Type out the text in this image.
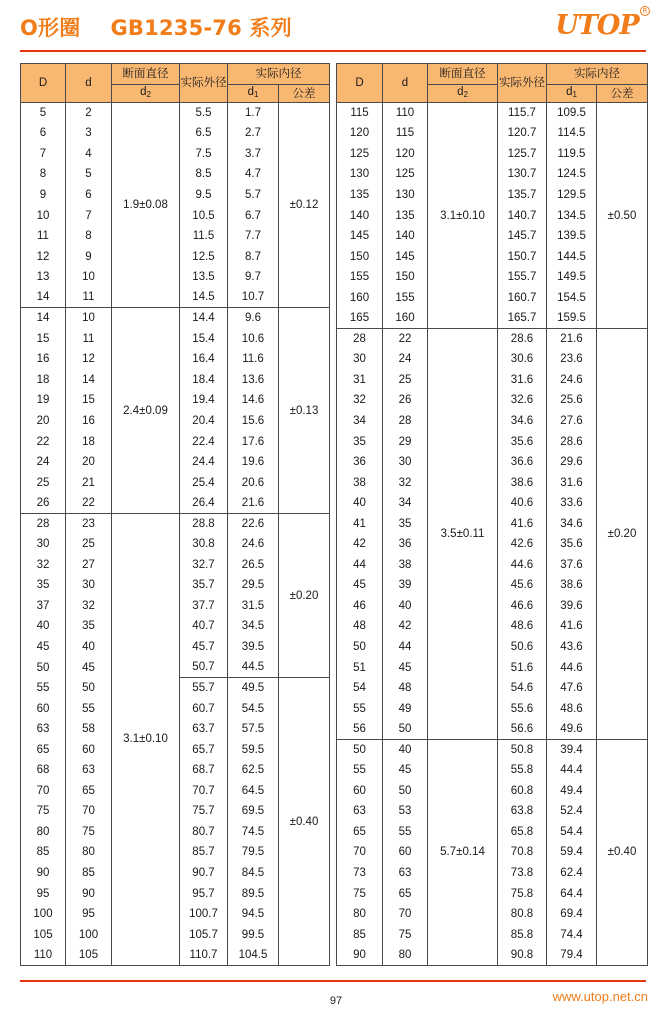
O形圈    GB1235-76 系列	UTOP R
D	d	断面直径	实际外径	实际内径	
		$d_2$		$d_1$	公差
5	2	1.9±0.08	5.5	1.7	±0.12
6	3		6.5	2.7	
7	4		7.5	3.7	
8	5		8.5	4.7	
9	6		9.5	5.7	
10	7		10.5	6.7	
11	8		11.5	7.7	
12	9		12.5	8.7	
13	10		13.5	9.7	
14	11		14.5	10.7	
14	10	2.4±0.09	14.4	9.6	±0.13
15	11		15.4	10.6	
16	12		16.4	11.6	
18	14		18.4	13.6	
19	15		19.4	14.6	
20	16		20.4	15.6	
22	18		22.4	17.6	
24	20		24.4	19.6	
25	21		25.4	20.6	
26	22		26.4	21.6	
28	23	3.1±0.10	28.8	22.6	±0.20
30	25		30.8	24.6	
32	27		32.7	26.5	
35	30		35.7	29.5	
37	32		37.7	31.5	
40	35		40.7	34.5	
45	40		45.7	39.5	
50	45		50.7	44.5	
55	50		55.7	49.5	±0.40
60	55		60.7	54.5	
63	58		63.7	57.5	
65	60		65.7	59.5	
68	63		68.7	62.5	
70	65		70.7	64.5	
75	70		75.7	69.5	
80	75		80.7	74.5	
85	80		85.7	79.5	
90	85		90.7	84.5	
95	90		95.7	89.5	
100	95		100.7	94.5	
105	100		105.7	99.5	
110	105		110.7	104.5	
D	d	断面直径	实际外径	实际内径	
		$d_2$		$d_1$	公差
115	110	3.1±0.10	115.7	109.5	±0.50
120	115		120.7	114.5	
125	120		125.7	119.5	
130	125		130.7	124.5	
135	130		135.7	129.5	
140	135		140.7	134.5	
145	140		145.7	139.5	
150	145		150.7	144.5	
155	150		155.7	149.5	
160	155		160.7	154.5	
165	160		165.7	159.5	
28	22	3.5±0.11	28.6	21.6	±0.20
30	24		30.6	23.6	
31	25		31.6	24.6	
32	26		32.6	25.6	
34	28		34.6	27.6	
35	29		35.6	28.6	
36	30		36.6	29.6	
38	32		38.6	31.6	
40	34		40.6	33.6	
41	35		41.6	34.6	
42	36		42.6	35.6	
44	38		44.6	37.6	
45	39		45.6	38.6	
46	40		46.6	39.6	
48	42		48.6	41.6	
50	44		50.6	43.6	
51	45		51.6	44.6	
54	48		54.6	47.6	
55	49		55.6	48.6	
56	50		56.6	49.6	
50	40	5.7±0.14	50.8	39.4	±0.40
55	45		55.8	44.4	
60	50		60.8	49.4	
63	53		63.8	52.4	
65	55		65.8	54.4	
70	60		70.8	59.4	
73	63		73.8	62.4	
75	65		75.8	64.4	
80	70		80.8	69.4	
85	75		85.8	74.4	
90	80		90.8	79.4	
97	www.utop.net.cn
